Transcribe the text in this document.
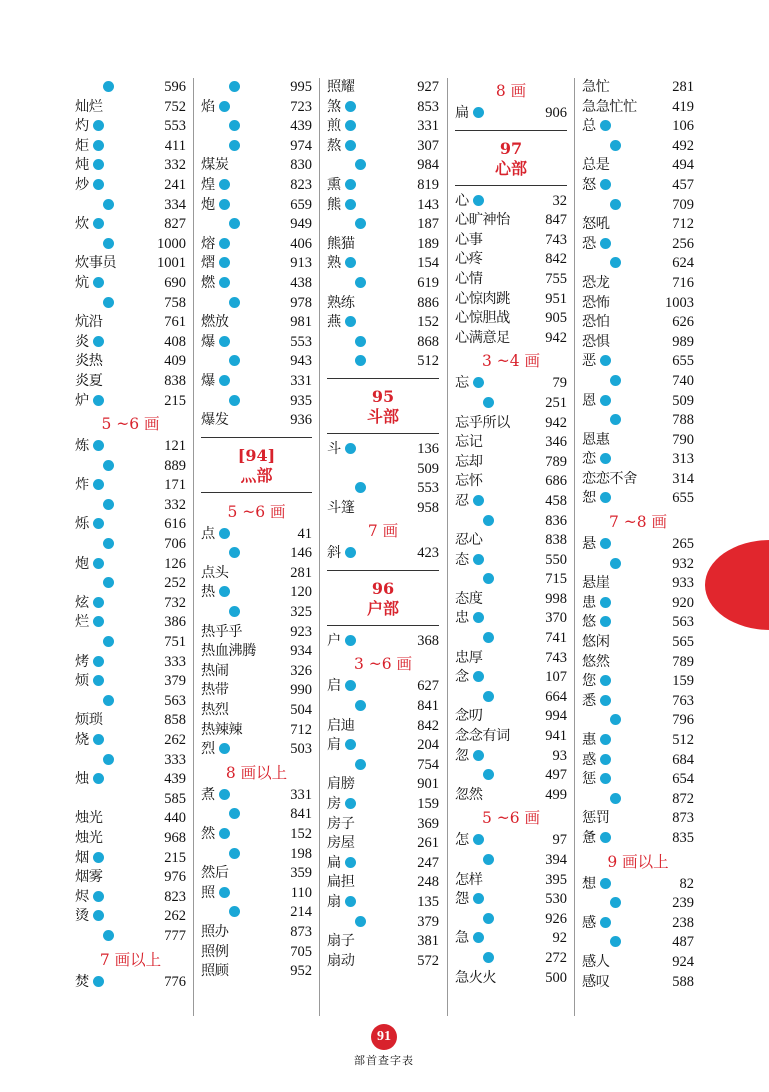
596
灿烂	752
灼	553
炬	411
炖	332
炒	241
334
炊	827
1000
炊事员	1001
炕	690
758
炕沿	761
炎	408
炎热	409
炎夏	838
炉	215
5 ~6 画
炼	121
889
炸	171
332
烁	616
706
炮	126
252
炫	732
烂	386
751
烤	333
烦	379
563
烦琐	858
烧	262
333
烛	439
585
烛光	440
烛光	968
烟	215
烟雾	976
烬	823
烫	262
777
7 画以上
焚	776
995
焰	723
439
974
煤炭	830
煌	823
炮	659
949
熔	406
熠	913
燃	438
978
燃放	981
爆	553
943
爆	331
935
爆发	936
[94]
灬部
5 ~6 画
点	41
146
点头	281
热	120
325
热乎乎	923
热血沸腾 934
热闹	326
热带	990
热烈	504
热辣辣	712
烈	503
8 画以上
煮	331
841
然	152
198
然后	359
照	110
214
照办	873
照例	705
照顾	952
照耀	927
煞	853
煎	331
熬	307
984
熏	819
熊	143
187
熊猫	189
熟	154
619
熟练	886
燕	152
868
512
95
斗部
斗	136
509
553
斗篷	958
7 画
斜	423
96
户部
户	368
3 ~6 画
启	627
841
启迪	842
肩	204
754
肩膀	901
房	159
房子	369
房屋	261
扁	247
扁担	248
扇	135
379
扇子	381
扇动	572
8 画
扁	906
97
心部
心	32
心旷神怡 847
心事	743
心疼	842
心情	755
心惊肉跳 951
心惊胆战 905
心满意足 942
3 ~4 画
忘	79
251
忘乎所以 942
忘记	346
忘却	789
忘怀	686
忍	458
836
忍心	838
态	550
715
态度	998
忠	370
741
忠厚	743
念	107
664
念叨	994
念念有词 941
忽	93
497
忽然	499
5 ~6 画
怎	97
394
怎样	395
怨	530
926
急	92
272
急火火	500
急忙	281
急急忙忙 419
总	106
492
总是	494
怒	457
709
怒吼	712
恐	256
624
恐龙	716
恐怖	1003
恐怕	626
恐惧	989
恶	655
740
恩	509
788
恩惠	790
恋	313
恋恋不舍 314
恕	655
7 ~8 画
悬	265
932
悬崖	933
患	920
悠	563
悠闲	565
悠然	789
您	159
悉	763
796
惠	512
惑	684
惩	654
872
惩罚	873
惫	835
9 画以上
想	82
239
感	238
487
感人	924
感叹	588
91
部首查字表
